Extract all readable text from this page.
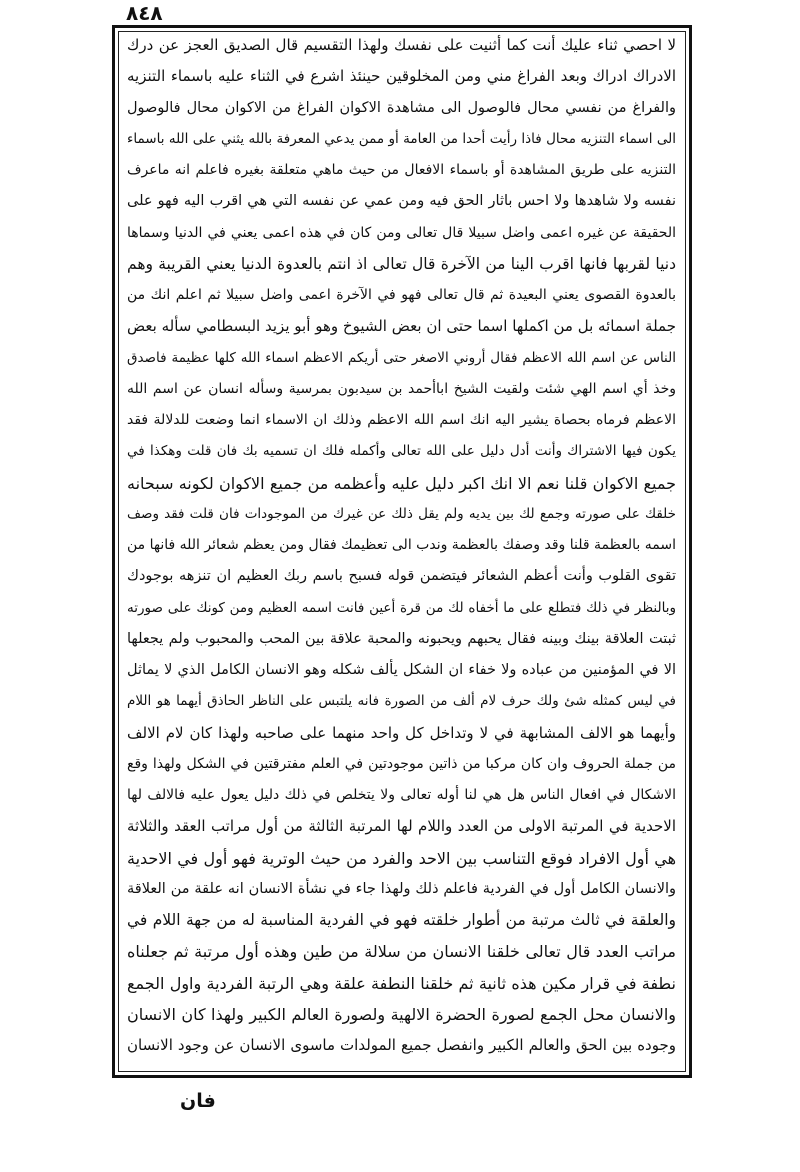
٨٤٨
لا احصي ثناء عليك أنت كما أثنيت على نفسك ولهذا التقسيم قال الصديق العجز عن درك
الادراك ادراك وبعد الفراغ مني ومن المخلوقين حينئذ اشرع في الثناء عليه باسماء التنزيه
والفراغ من نفسي محال فالوصول الى مشاهدة الاكوان الفراغ من الاكوان محال فالوصول
الى اسماء التنزيه محال فاذا رأيت أحدا من العامة أو ممن يدعي المعرفة بالله يثني على الله باسماء
التنزيه على طريق المشاهدة أو باسماء الافعال من حيث ماهي متعلقة بغيره فاعلم انه ماعرف
نفسه ولا شاهدها ولا احس باثار الحق فيه ومن عمي عن نفسه التي هي اقرب اليه فهو على
الحقيقة عن غيره اعمى واضل سبيلا قال تعالى ومن كان في هذه اعمى يعني في الدنيا وسماها
دنيا لقربها فانها اقرب الينا من الآخرة قال تعالى اذ انتم بالعدوة الدنيا يعني القريبة وهم
بالعدوة القصوى يعني البعيدة ثم قال تعالى فهو في الآخرة اعمى واضل سبيلا ثم اعلم انك من
جملة اسمائه بل من اكملها اسما حتى ان بعض الشيوخ وهو أبو يزيد البسطامي سأله بعض
الناس عن اسم الله الاعظم فقال أروني الاصغر حتى أريكم الاعظم اسماء الله كلها عظيمة فاصدق
وخذ أي اسم الهي شئت ولقيت الشيخ اباأحمد بن سيدبون بمرسية وسأله انسان عن اسم الله
الاعظم فرماه بحصاة يشير اليه انك اسم الله الاعظم وذلك ان الاسماء انما وضعت للدلالة فقد
يكون فيها الاشتراك وأنت أدل دليل على الله تعالى وأكمله فلك ان تسميه بك فان قلت وهكذا في
جميع الاكوان قلنا نعم الا انك اكبر دليل عليه وأعظمه من جميع الاكوان لكونه سبحانه
خلقك على صورته وجمع لك بين يديه ولم يقل ذلك عن غيرك من الموجودات فان قلت فقد وصف
اسمه بالعظمة قلنا وقد وصفك بالعظمة وندب الى تعظيمك فقال ومن يعظم شعائر الله فانها من
تقوى القلوب وأنت أعظم الشعائر فيتضمن قوله فسبح باسم ربك العظيم ان تنزهه بوجودك
وبالنظر في ذلك فتطلع على ما أخفاه لك من قرة أعين فانت اسمه العظيم ومن كونك على صورته
ثبتت العلاقة بينك وبينه فقال يحبهم ويحبونه والمحبة علاقة بين المحب والمحبوب ولم يجعلها
الا في المؤمنين من عباده ولا خفاء ان الشكل يألف شكله وهو الانسان الكامل الذي لا يماثل
في ليس كمثله شئ ولك حرف لام ألف من الصورة فانه يلتبس على الناظر الحاذق أيهما هو اللام
وأيهما هو الالف المشابهة في لا وتداخل كل واحد منهما على صاحبه ولهذا كان لام الالف
من جملة الحروف وان كان مركبا من ذاتين موجودتين في العلم مفترقتين في الشكل ولهذا وقع
الاشكال في افعال الناس هل هي لنا أوله تعالى ولا يتخلص في ذلك دليل يعول عليه فالالف لها
الاحدية في المرتبة الاولى من العدد واللام لها المرتبة الثالثة من أول مراتب العقد والثلاثة
هي أول الافراد فوقع التناسب بين الاحد والفرد من حيث الوترية فهو أول في الاحدية
والانسان الكامل أول في الفردية فاعلم ذلك ولهذا جاء في نشأة الانسان انه علقة من العلاقة
والعلقة في ثالث مرتبة من أطوار خلقته فهو في الفردية المناسبة له من جهة اللام في
مراتب العدد قال تعالى خلقنا الانسان من سلالة من طين وهذه أول مرتبة ثم جعلناه
نطفة في قرار مكين هذه ثانية ثم خلقنا النطفة علقة وهي الرتبة الفردية واول الجمع
والانسان محل الجمع لصورة الحضرة الالهية ولصورة العالم الكبير ولهذا كان الانسان
وجوده بين الحق والعالم الكبير وانفصل جميع المولدات ماسوى الانسان عن وجود الانسان
فان
